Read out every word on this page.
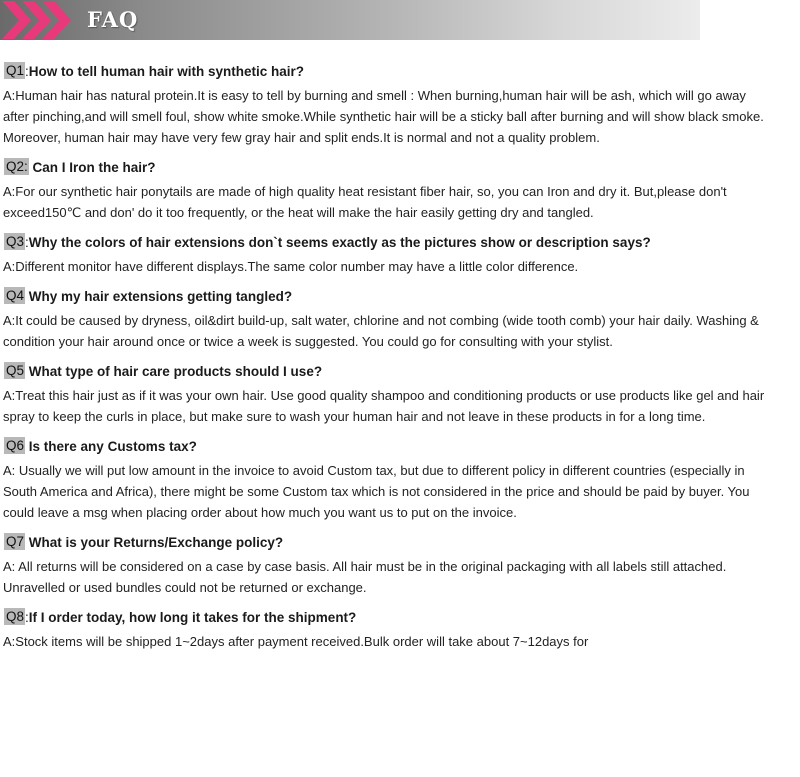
FAQ
Q1:How to tell human hair with synthetic hair?
A:Human hair has natural protein.It is easy to tell by burning and smell : When burning,human hair will be ash, which will go away after pinching,and will smell foul, show white smoke.While synthetic hair will be a sticky ball after burning and will show black smoke. Moreover, human hair may have very few gray hair and split ends.It is normal and not a quality problem.
Q2: Can I Iron the hair?
A:For our synthetic hair ponytails are made of high quality heat resistant fiber hair, so, you can Iron and dry it. But,please don't exceed150℃ and don' do it too frequently, or the heat will make the hair easily getting dry and tangled.
Q3:Why the colors of hair extensions don`t seems exactly as the pictures show or description says?
A:Different monitor have different displays.The same color number may have a little color difference.
Q4 Why my hair extensions getting tangled?
A:It could be caused by dryness, oil&dirt build-up, salt water, chlorine and not combing (wide tooth comb) your hair daily. Washing & condition your hair around once or twice a week is suggested. You could go for consulting with your stylist.
Q5 What type of hair care products should I use?
A:Treat this hair just as if it was your own hair. Use good quality shampoo and conditioning products or use products like gel and hair spray to keep the curls in place, but make sure to wash your human hair and not leave in these products in for a long time.
Q6 Is there any Customs tax?
A: Usually we will put low amount in the invoice to avoid Custom tax, but due to different policy in different countries (especially in South America and Africa), there might be some Custom tax which is not considered in the price and should be paid by buyer. You could leave a msg when placing order about how much you want us to put on the invoice.
Q7 What is your Returns/Exchange policy?
A: All returns will be considered on a case by case basis. All hair must be in the original packaging with all labels still attached. Unravelled or used bundles could not be returned or exchange.
Q8:If I order today, how long it takes for the shipment?
A:Stock items will be shipped 1~2days after payment received.Bulk order will take about 7~12days for
